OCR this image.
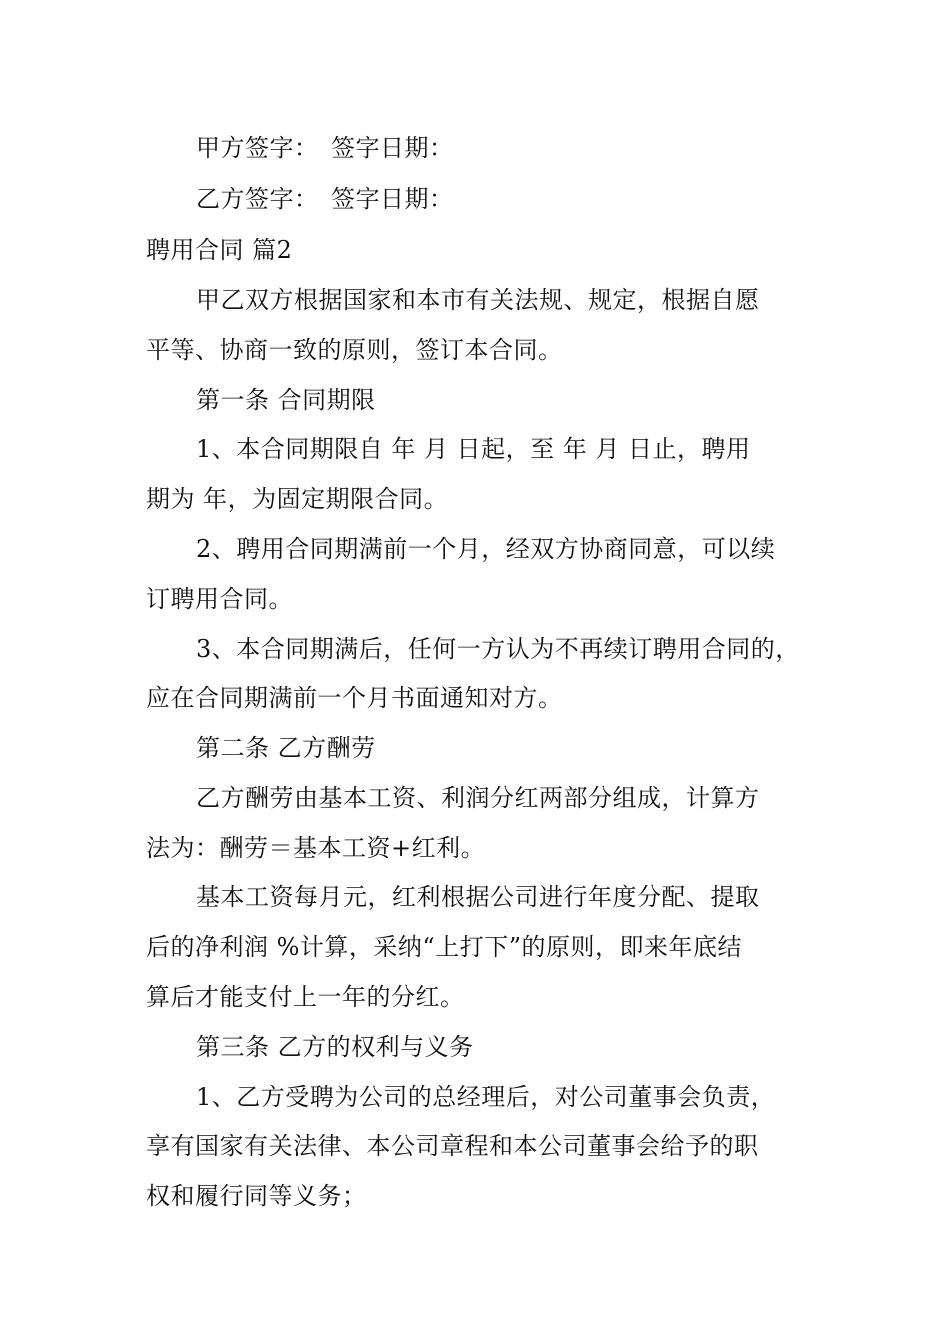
甲方签字：　签字日期：
乙方签字：　签字日期：
聘用合同 篇2
甲乙双方根据国家和本市有关法规、规定，根据自愿
平等、协商一致的原则，签订本合同。
第一条 合同期限
1、本合同期限自 年 月 日起，至 年 月 日止，聘用
期为 年，为固定期限合同。
2、聘用合同期满前一个月，经双方协商同意，可以续
订聘用合同。
3、本合同期满后，任何一方认为不再续订聘用合同的，
应在合同期满前一个月书面通知对方。
第二条 乙方酬劳
乙方酬劳由基本工资、利润分红两部分组成，计算方
法为：酬劳＝基本工资+红利。
基本工资每月元，红利根据公司进行年度分配、提取
后的净利润 %计算，采纳“上打下”的原则，即来年底结
算后才能支付上一年的分红。
第三条 乙方的权利与义务
1、乙方受聘为公司的总经理后，对公司董事会负责，
享有国家有关法律、本公司章程和本公司董事会给予的职
权和履行同等义务；
